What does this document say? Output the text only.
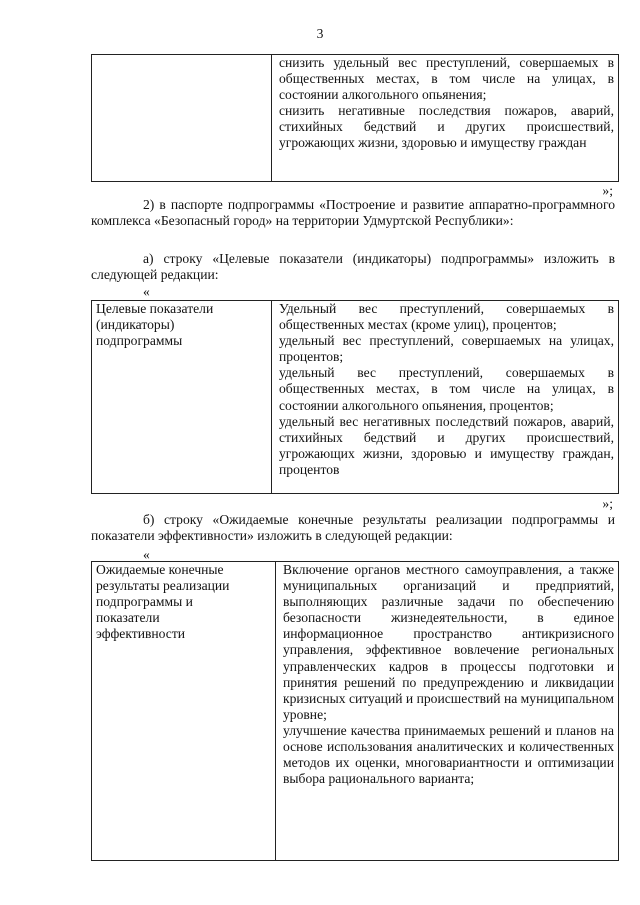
3

снизить удельный вес преступлений, совершаемых в общественных местах, в том числе на улицах, в состоянии алкогольного опьянения;

снизить негативные последствия пожаров, аварий, стихийных бедствий и других происшествий, угрожающих жизни, здоровью и имуществу граждан

»;

2) в паспорте подпрограммы «Построение и развитие аппаратно-программного комплекса «Безопасный город» на территории Удмуртской Республики»:

а) строку «Целевые показатели (индикаторы) подпрограммы» изложить в следующей редакции:

«
Целевые показатели (индикаторы) подпрограммы

Удельный вес преступлений, совершаемых в общественных местах (кроме улиц), процентов;

удельный вес преступлений, совершаемых на улицах, процентов;

удельный вес преступлений, совершаемых в общественных местах, в том числе на улицах, в состоянии алкогольного опьянения, процентов;

удельный вес негативных последствий пожаров, аварий, стихийных бедствий и других происшествий, угрожающих жизни, здоровью и имуществу граждан, процентов

»;

б) строку «Ожидаемые конечные результаты реализации подпрограммы и показатели эффективности» изложить в следующей редакции:

«
Ожидаемые конечные результаты реализации подпрограммы и показатели эффективности

Включение органов местного самоуправления, а также муниципальных организаций и предприятий, выполняющих различные задачи по обеспечению безопасности жизнедеятельности, в единое информационное пространство антикризисного управления, эффективное вовлечение региональных управленческих кадров в процессы подготовки и принятия решений по предупреждению и ликвидации кризисных ситуаций и происшествий на муниципальном уровне;

улучшение качества принимаемых решений и планов на основе использования аналитических и количественных методов их оценки, многовариантности и оптимизации выбора рационального варианта;
